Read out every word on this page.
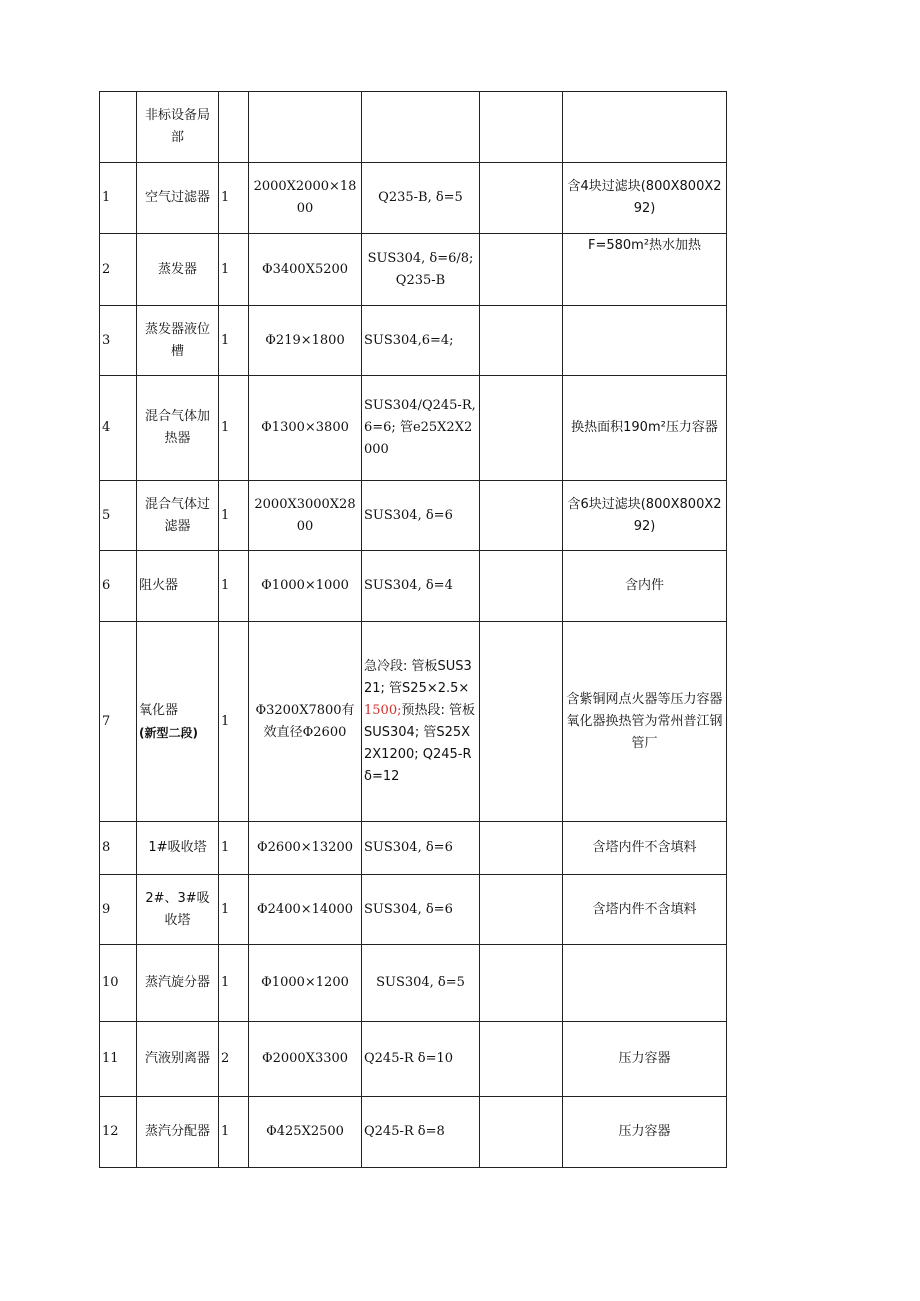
	非标设备局部					
1	空气过滤器	1	2000X2000×1800	Q235-B, δ=5		含4块过滤块(800X800X292)
2	蒸发器	1	Φ3400X5200	SUS304, δ=6/8; Q235-B		F=580m²热水加热
3	蒸发器液位槽	1	Φ219×1800	SUS304,6=4;		
4	混合气体加热器	1	Φ1300×3800	SUS304/Q245-R,6=6; 管e25X2X2000		换热面积190m²压力容器
5	混合气体过滤器	1	2000X3000X2800	SUS304, δ=6		含6块过滤块(800X800X292)
6	阻火器	1	Φ1000×1000	SUS304, δ=4		含内件
7	氧化器
(新型二段)	1	Φ3200X7800有效直径Φ2600	急冷段: 管板SUS321; 管S25×2.5×1500;预热段: 管板SUS304; 管S25X2X1200; Q245-R δ=12		含紫铜网点火器等压力容器氧化器换热管为常州普江钢管厂
8	1#吸收塔	1	Φ2600×13200	SUS304, δ=6		含塔内件不含填料
9	2#、3#吸收塔	1	Φ2400×14000	SUS304, δ=6		含塔内件不含填料
10	蒸汽旋分器	1	Φ1000×1200	SUS304, δ=5		
11	汽液别离器	2	Φ2000X3300	Q245-R δ=10		压力容器
12	蒸汽分配器	1	Φ425X2500	Q245-R δ=8		压力容器
